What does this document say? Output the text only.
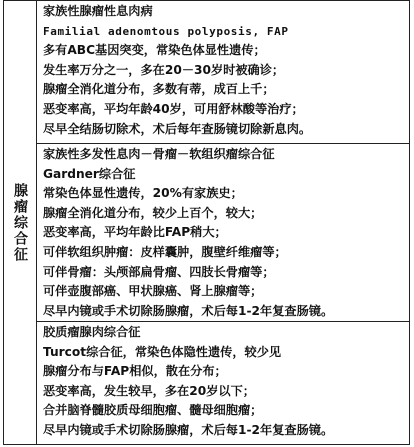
腺瘤综合征
家族性腺瘤性息肉病
Familial adenomtous polyposis, FAP
多有ABC基因突变，常染色体显性遗传；
发生率万分之一，多在20－30岁时被确诊；
腺瘤全消化道分布，多数有蒂，成百上千；
恶变率高，平均年龄40岁，可用舒林酸等治疗；
尽早全结肠切除术，术后每年查肠镜切除新息肉。
家族性多发性息肉－骨瘤－软组织瘤综合征
Gardner综合征
常染色体显性遗传，20%有家族史；
腺瘤全消化道分布，较少上百个，较大；
恶变率高，平均年龄比FAP稍大；
可伴软组织肿瘤：皮样囊肿，腹壁纤维瘤等；
可伴骨瘤：头颅部扁骨瘤、四肢长骨瘤等；
可伴壶腹部癌、甲状腺癌、肾上腺瘤等；
尽早内镜或手术切除肠腺瘤，术后每1-2年复查肠镜。
胶质瘤腺肉综合征
Turcot综合征，常染色体隐性遗传，较少见
腺瘤分布与FAP相似，散在分布；
恶变率高，发生较早，多在20岁以下；
合并脑脊髓胶质母细胞瘤、髓母细胞瘤；
尽早内镜或手术切除肠腺瘤，术后每1-2年复查肠镜。
